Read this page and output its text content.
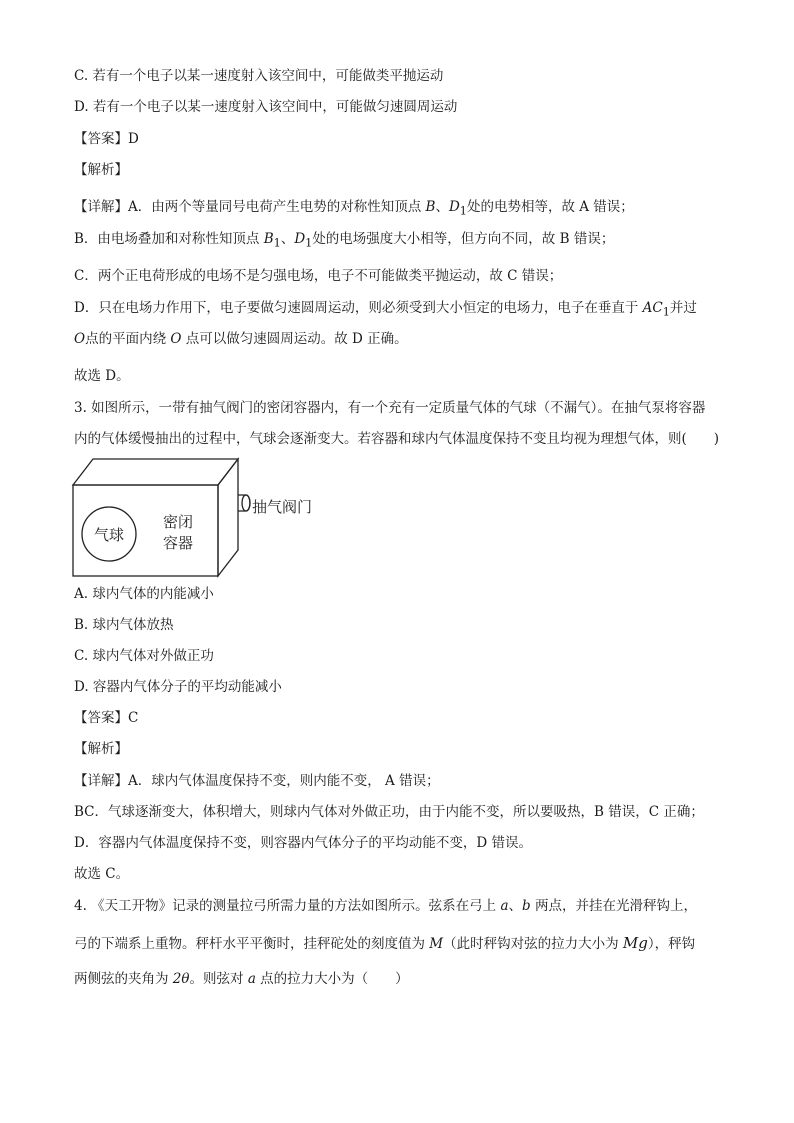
C. 若有一个电子以某一速度射入该空间中，可能做类平抛运动
D. 若有一个电子以某一速度射入该空间中，可能做匀速圆周运动
【答案】D
【解析】
【详解】A．由两个等量同号电荷产生电势的对称性知顶点 B、$D_1$处的电势相等，故 A 错误；
B．由电场叠加和对称性知顶点 $B_1$、$D_1$处的电场强度大小相等，但方向不同，故 B 错误；
C．两个正电荷形成的电场不是匀强电场，电子不可能做类平抛运动，故 C 错误；
D．只在电场力作用下，电子要做匀速圆周运动，则必须受到大小恒定的电场力，电子在垂直于 $AC_1$并过
O点的平面内绕 O 点可以做匀速圆周运动。故 D 正确。
故选 D。
3. 如图所示，一带有抽气阀门的密闭容器内，有一个充有一定质量气体的气球（不漏气）。在抽气泵将容器
内的气体缓慢抽出的过程中，气球会逐渐变大。若容器和球内气体温度保持不变且均视为理想气体，则(　　)
气球
密闭
容器
抽气阀门
A. 球内气体的内能减小
B. 球内气体放热
C. 球内气体对外做正功
D. 容器内气体分子的平均动能减小
【答案】C
【解析】
【详解】A．球内气体温度保持不变，则内能不变， A 错误；
BC．气球逐渐变大，体积增大，则球内气体对外做正功，由于内能不变，所以要吸热，B 错误，C 正确；
D．容器内气体温度保持不变，则容器内气体分子的平均动能不变，D 错误。
故选 C。
4. 《天工开物》记录的测量拉弓所需力量的方法如图所示。弦系在弓上 a、b 两点，并挂在光滑秤钩上，
弓的下端系上重物。秤杆水平平衡时，挂秤砣处的刻度值为 M（此时秤钩对弦的拉力大小为 Mg），秤钩
两侧弦的夹角为 2θ。则弦对 a 点的拉力大小为（　　）
